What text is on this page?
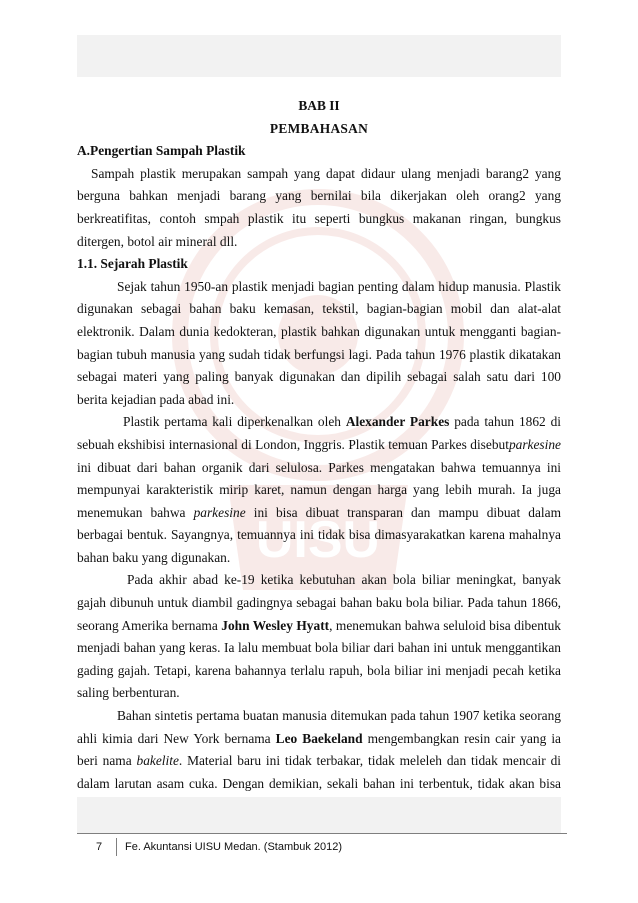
UISU
BAB II
PEMBAHASAN

A.Pengertian Sampah Plastik

Sampah plastik merupakan sampah yang dapat didaur ulang menjadi barang2 yang berguna bahkan menjadi barang yang bernilai bila dikerjakan oleh orang2 yang berkreatifitas, contoh smpah plastik itu seperti bungkus makanan ringan, bungkus ditergen, botol air mineral dll.

1.1. Sejarah Plastik

Sejak tahun 1950-an plastik menjadi bagian penting dalam hidup manusia. Plastik digunakan sebagai bahan baku kemasan, tekstil, bagian-bagian mobil dan alat-alat elektronik. Dalam dunia kedokteran, plastik bahkan digunakan untuk mengganti bagian-bagian tubuh manusia yang sudah tidak berfungsi lagi. Pada tahun 1976 plastik dikatakan sebagai materi yang paling banyak digunakan dan dipilih sebagai salah satu dari 100 berita kejadian pada abad ini.

Plastik pertama kali diperkenalkan oleh Alexander Parkes pada tahun 1862 di sebuah ekshibisi internasional di London, Inggris. Plastik temuan Parkes disebutparkesine ini dibuat dari bahan organik dari selulosa. Parkes mengatakan bahwa temuannya ini mempunyai karakteristik mirip karet, namun dengan harga yang lebih murah. Ia juga menemukan bahwa parkesine ini bisa dibuat transparan dan mampu dibuat dalam berbagai bentuk. Sayangnya, temuannya ini tidak bisa dimasyarakatkan karena mahalnya bahan baku yang digunakan.

Pada akhir abad ke-19 ketika kebutuhan akan bola biliar meningkat, banyak gajah dibunuh untuk diambil gadingnya sebagai bahan baku bola biliar. Pada tahun 1866, seorang Amerika bernama John Wesley Hyatt, menemukan bahwa seluloid bisa dibentuk menjadi bahan yang keras. Ia lalu membuat bola biliar dari bahan ini untuk menggantikan gading gajah. Tetapi, karena bahannya terlalu rapuh, bola biliar ini menjadi pecah ketika saling berbenturan.

Bahan sintetis pertama buatan manusia ditemukan pada tahun 1907 ketika seorang ahli kimia dari New York bernama Leo Baekeland mengembangkan resin cair yang ia beri nama bakelite. Material baru ini tidak terbakar, tidak meleleh dan tidak mencair di dalam larutan asam cuka. Dengan demikian, sekali bahan ini terbentuk, tidak akan bisa

7	Fe. Akuntansi UISU Medan. (Stambuk 2012)
